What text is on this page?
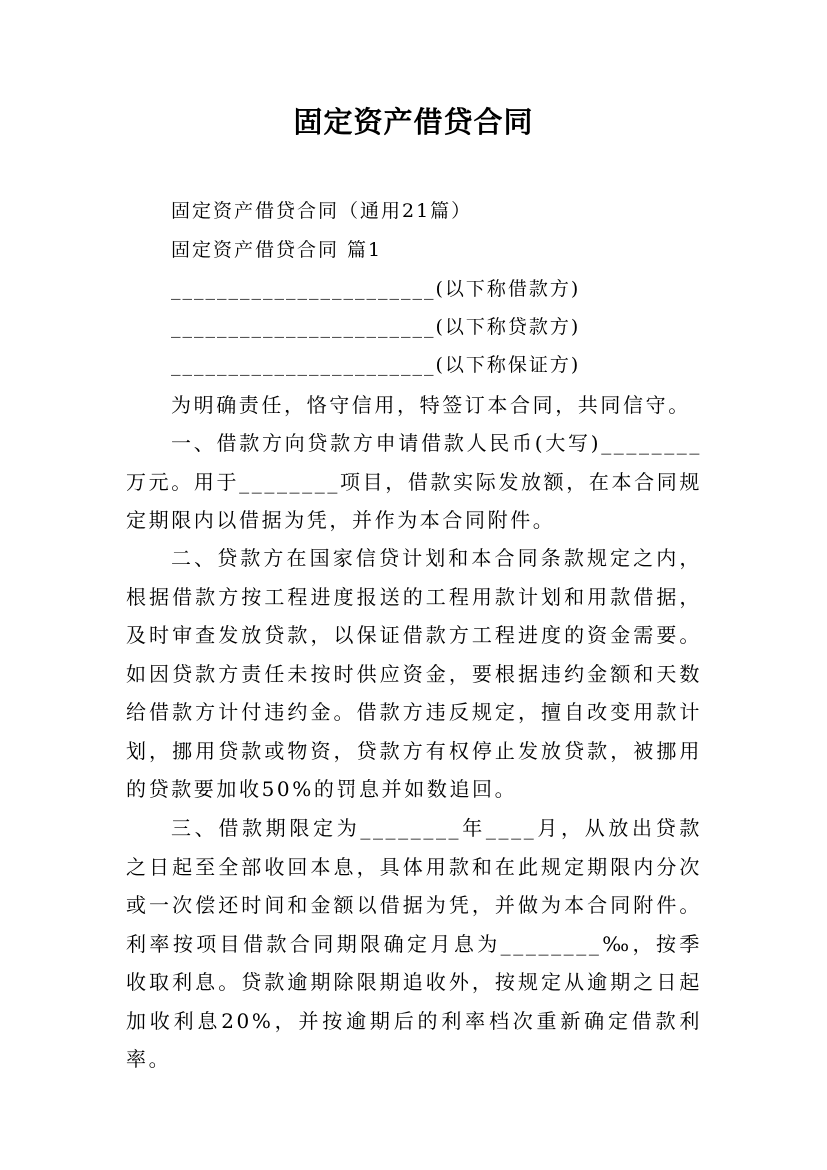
固定资产借贷合同
固定资产借贷合同（通用21篇）
固定资产借贷合同 篇1
_______________________(以下称借款方)
_______________________(以下称贷款方)
_______________________(以下称保证方)
为明确责任，恪守信用，特签订本合同，共同信守。
一、借款方向贷款方申请借款人民币(大写)________万元。用于________项目，借款实际发放额，在本合同规定期限内以借据为凭，并作为本合同附件。
二、贷款方在国家信贷计划和本合同条款规定之内，根据借款方按工程进度报送的工程用款计划和用款借据，及时审查发放贷款，以保证借款方工程进度的资金需要。如因贷款方责任未按时供应资金，要根据违约金额和天数给借款方计付违约金。借款方违反规定，擅自改变用款计划，挪用贷款或物资，贷款方有权停止发放贷款，被挪用的贷款要加收50%的罚息并如数追回。
三、借款期限定为________年____月，从放出贷款之日起至全部收回本息，具体用款和在此规定期限内分次或一次偿还时间和金额以借据为凭，并做为本合同附件。利率按项目借款合同期限确定月息为________‰，按季收取利息。贷款逾期除限期追收外，按规定从逾期之日起加收利息20%，并按逾期后的利率档次重新确定借款利率。
